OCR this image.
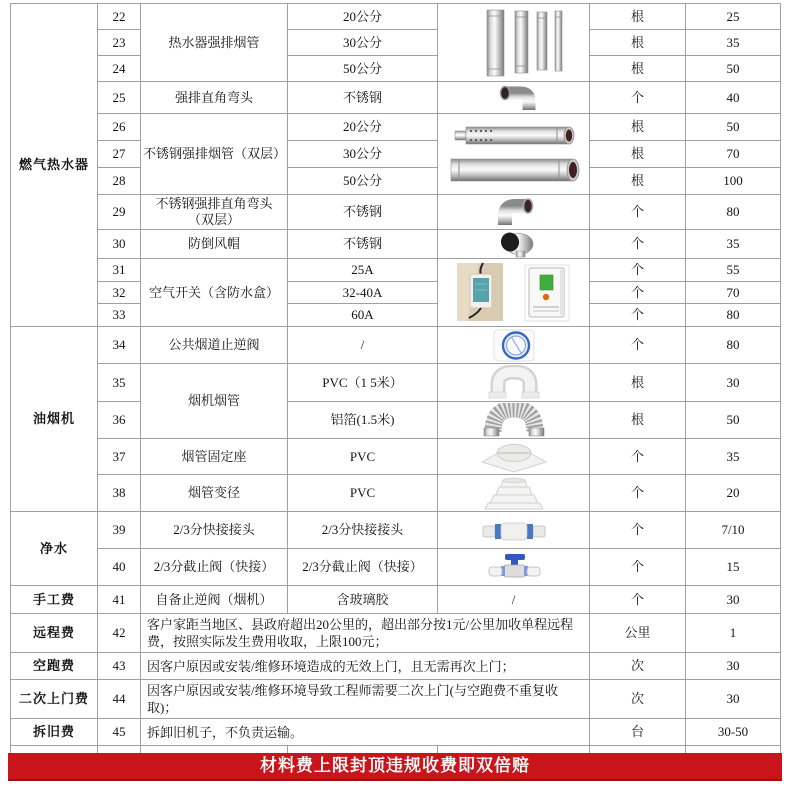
燃气热水器	22	热水器强排烟管	20公分		根	25
	23		30公分		根	35
	24		50公分		根	50
	25	强排直角弯头	不锈钢		个	40
	26	不锈钢强排烟管（双层）	20公分		根	50
	27		30公分		根	70
	28		50公分		根	100
	29	不锈钢强排直角弯头（双层）	不锈钢		个	80
	30	防倒风帽	不锈钢		个	35
	31	空气开关（含防水盒）	25A		个	55
	32		32-40A		个	70
	33		60A		个	80
油烟机	34	公共烟道止逆阀	/		个	80
	35	烟机烟管	PVC（1 5米）		根	30
	36		铝箔(1.5米)		根	50
	37	烟管固定座	PVC		个	35
	38	烟管变径	PVC		个	20
净水	39	2/3分快接接头	2/3分快接接头		个	7/10
	40	2/3分截止阀（快接）	2/3分截止阀（快接）		个	15
手工费	41	自备止逆阀（烟机）	含玻璃胶	/	个	30
远程费	42	客户家距当地区、县政府超出20公里的，超出部分按1元/公里加收单程远程费，按照实际发生费用收取，上限100元；			公里	1
空跑费	43	因客户原因或安装/维修环境造成的无效上门，且无需再次上门；			次	30
二次上门费	44	因客户原因或安装/维修环境导致工程师需要二次上门(与空跑费不重复收取)；			次	30
拆旧费	45	拆卸旧机子，不负责运输。			台	30-50

材料费上限封顶违规收费即双倍赔
